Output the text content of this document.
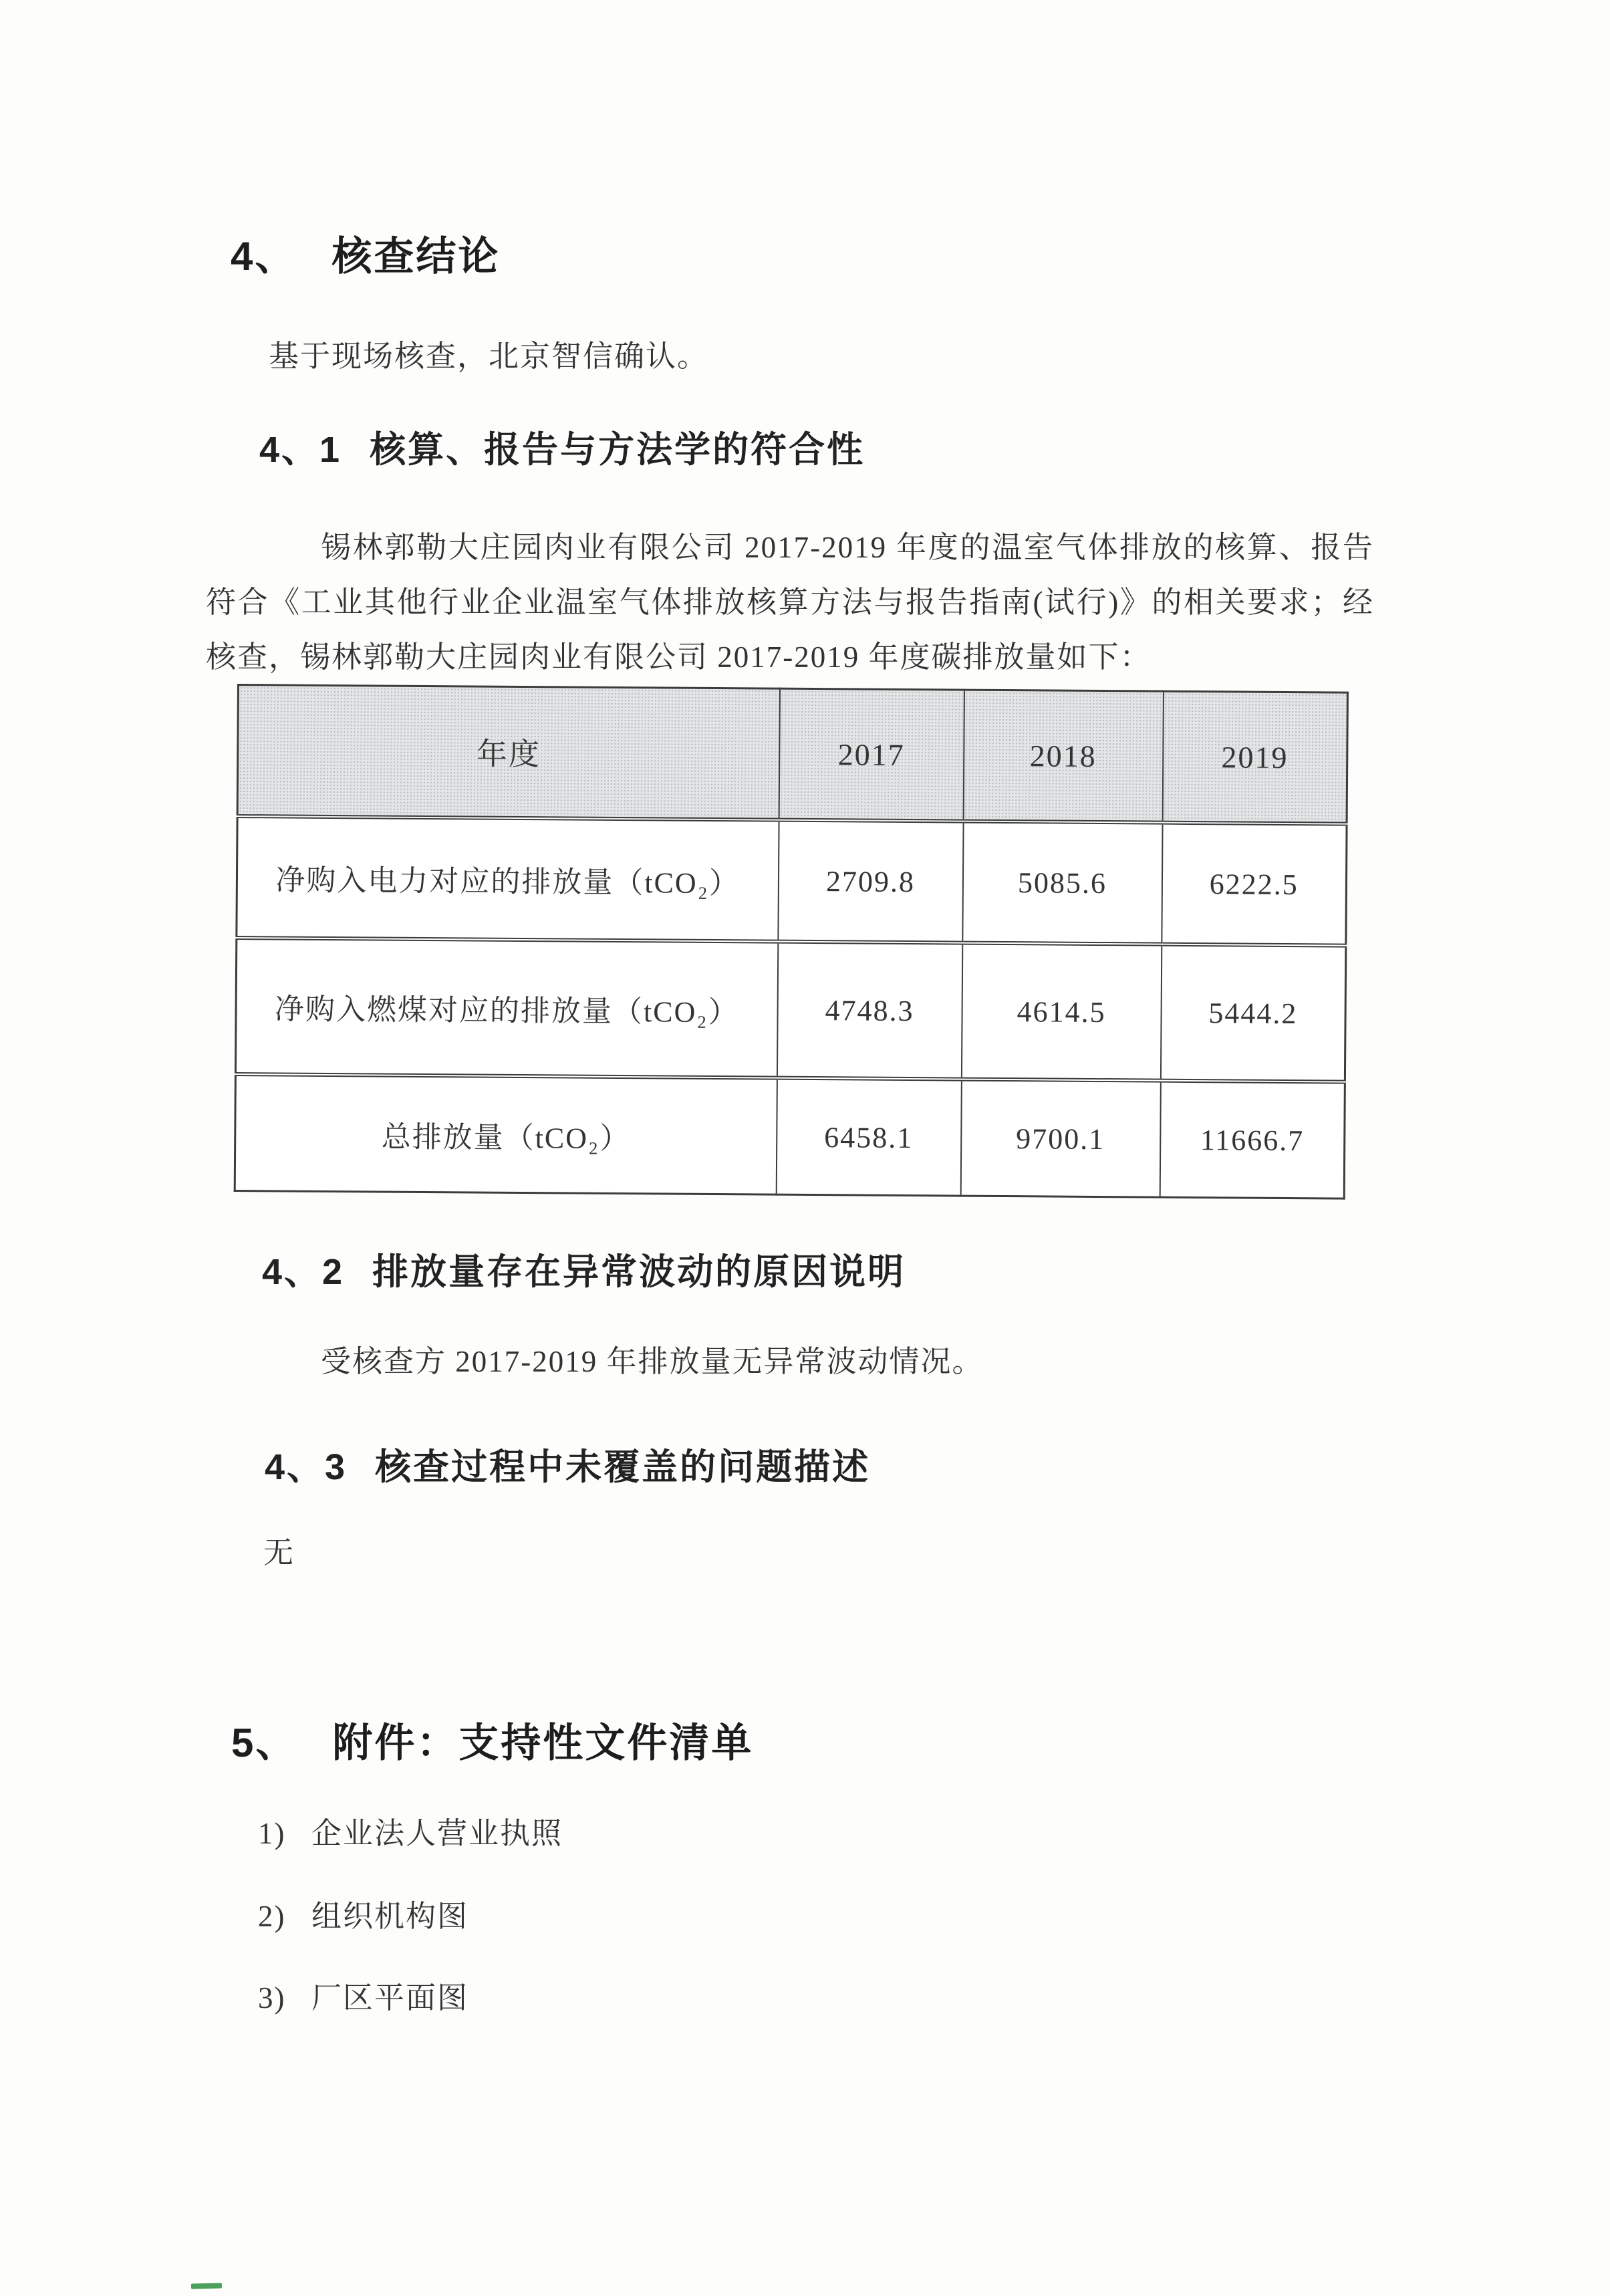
4、 核查结论
基于现场核查，北京智信确认。
4、1 核算、报告与方法学的符合性
锡林郭勒大庄园肉业有限公司 2017-2019 年度的温室气体排放的核算、报告符合《工业其他行业企业温室气体排放核算方法与报告指南(试行)》的相关要求；经核查，锡林郭勒大庄园肉业有限公司 2017-2019 年度碳排放量如下：
年度	2017	2018	2019
净购入电力对应的排放量（tCO₂）	2709.8	5085.6	6222.5
净购入燃煤对应的排放量（tCO₂）	4748.3	4614.5	5444.2
总排放量（tCO₂）	6458.1	9700.1	11666.7
4、2 排放量存在异常波动的原因说明
受核查方 2017-2019 年排放量无异常波动情况。
4、3 核查过程中未覆盖的问题描述
无
5、 附件：支持性文件清单
1) 企业法人营业执照
2) 组织机构图
3) 厂区平面图
